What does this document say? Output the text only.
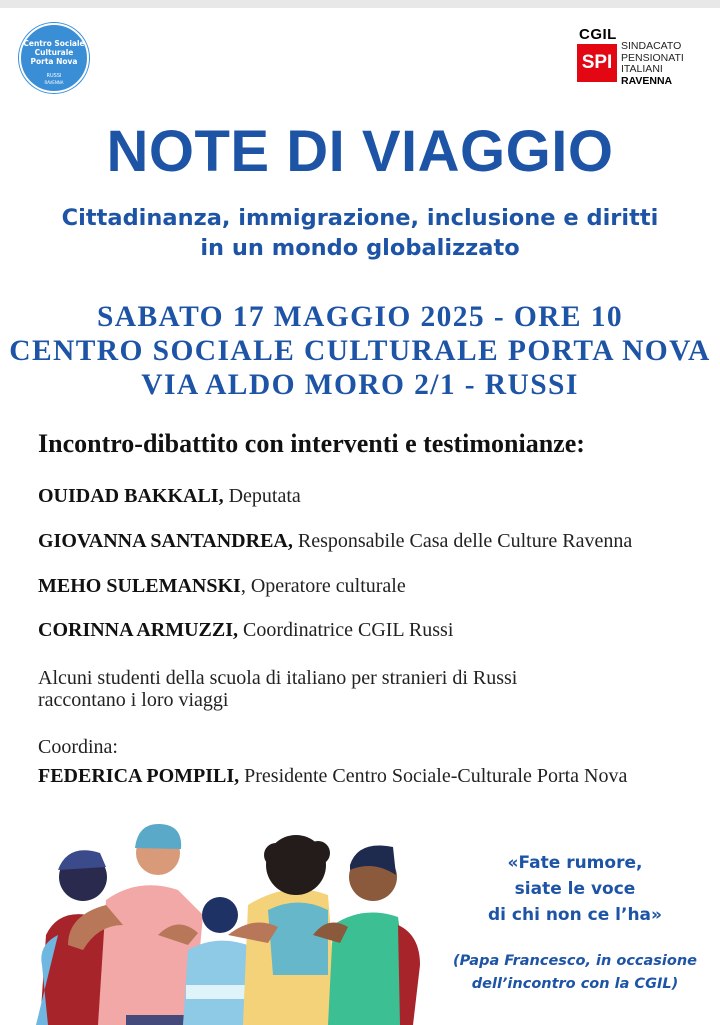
Centro Sociale
Culturale
Porta Nova
RUSSI
RAVENNA
CGIL
SPI
SINDACATO
PENSIONATI
ITALIANI
RAVENNA
NOTE DI VIAGGIO
Cittadinanza, immigrazione, inclusione e diritti
in un mondo globalizzato
SABATO 17 MAGGIO 2025 - ORE 10
CENTRO SOCIALE CULTURALE PORTA NOVA
VIA ALDO MORO 2/1 - RUSSI
Incontro-dibattito con interventi e testimonianze:
OUIDAD BAKKALI, Deputata
GIOVANNA SANTANDREA, Responsabile Casa delle Culture Ravenna
MEHO SULEMANSKI, Operatore culturale
CORINNA ARMUZZI, Coordinatrice CGIL Russi
Alcuni studenti della scuola di italiano per stranieri di Russi
raccontano i loro viaggi
Coordina:
FEDERICA POMPILI, Presidente Centro Sociale-Culturale Porta Nova
«Fate rumore,
siate le voce
di chi non ce l’ha»
(Papa Francesco, in occasione
dell’incontro con la CGIL)
